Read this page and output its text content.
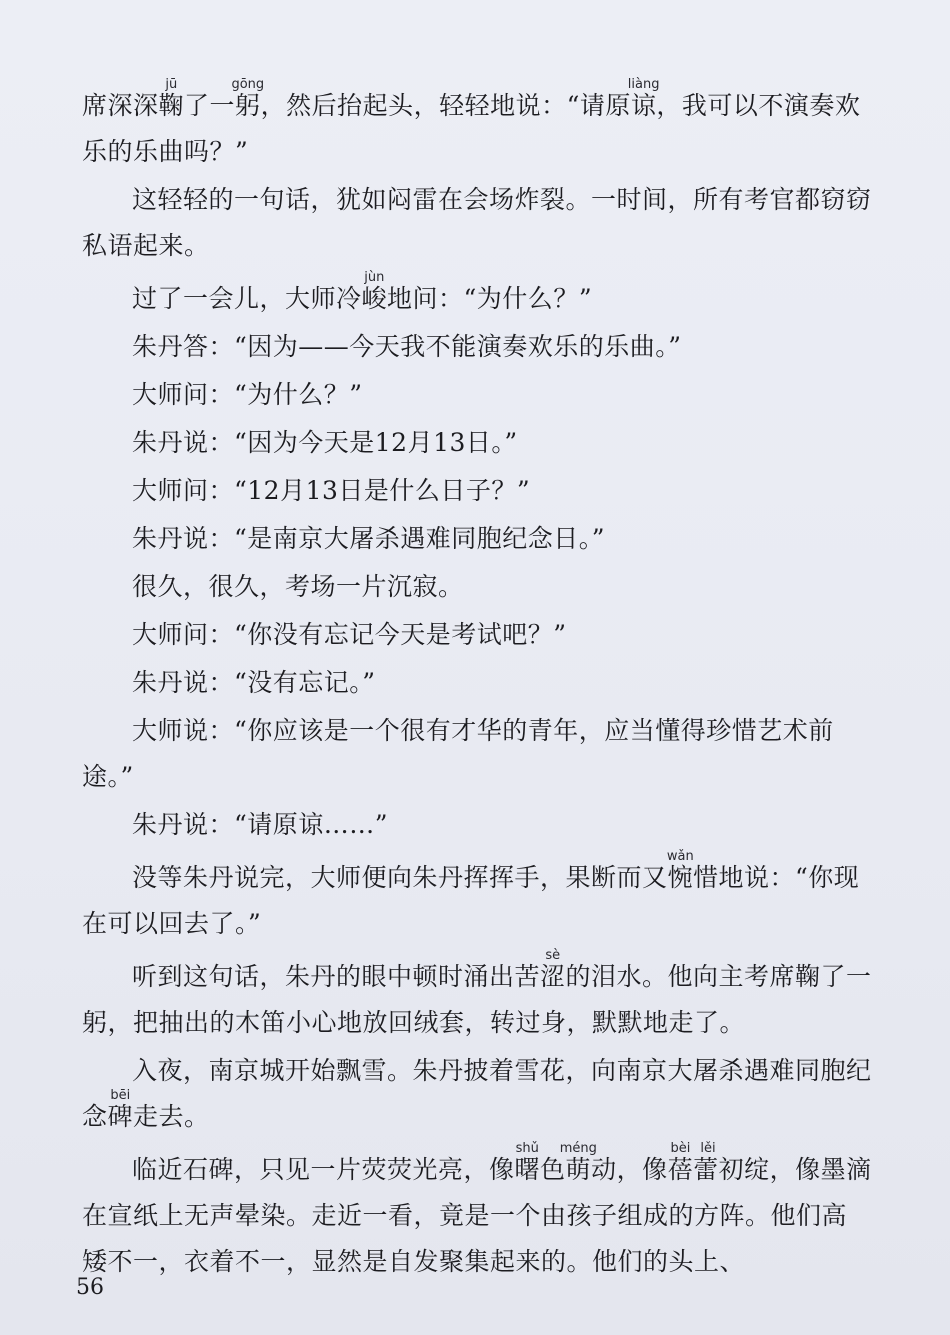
席深深鞠jū了一躬gōng，然后抬起头，轻轻地说：“请原谅liàng，我可以不演奏欢乐的乐曲吗？”

这轻轻的一句话，犹如闷雷在会场炸裂。一时间，所有考官都窃窃私语起来。

过了一会儿，大师冷峻jùn地问：“为什么？”

朱丹答：“因为——今天我不能演奏欢乐的乐曲。”

大师问：“为什么？”

朱丹说：“因为今天是12月13日。”

大师问：“12月13日是什么日子？”

朱丹说：“是南京大屠杀遇难同胞纪念日。”

很久，很久，考场一片沉寂。

大师问：“你没有忘记今天是考试吧？”

朱丹说：“没有忘记。”

大师说：“你应该是一个很有才华的青年，应当懂得珍惜艺术前途。”

朱丹说：“请原谅……”

没等朱丹说完，大师便向朱丹挥挥手，果断而又惋wǎn惜地说：“你现在可以回去了。”

听到这句话，朱丹的眼中顿时涌出苦涩sè的泪水。他向主考席鞠了一躬，把抽出的木笛小心地放回绒套，转过身，默默地走了。

入夜，南京城开始飘雪。朱丹披着雪花，向南京大屠杀遇难同胞纪念碑bēi走去。

临近石碑，只见一片荧荧光亮，像曙shǔ色萌méng动，像蓓蕾bèi lěi初绽，像墨滴在宣纸上无声晕染。走近一看，竟是一个由孩子组成的方阵。他们高矮不一，衣着不一，显然是自发聚集起来的。他们的头上、

56
